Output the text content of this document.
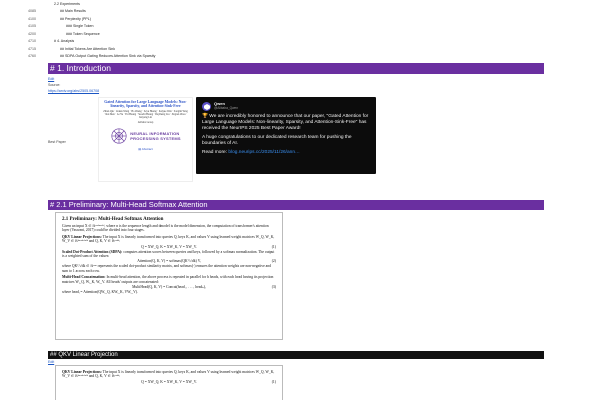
2.2 Experiments
4085	## Main Results
4100	## Perplexity (PPL)
4105	### Single Token
4200	### Token Sequence
4710	# 4. Analysis
4715	## Initial Tokens Are Attention Sink
4760	## SDPA Output Gating Reduces Attention Sink via Sparsity
# 1. Introduction
Edit
Source:
https://arxiv.org/abs/2505.06708
Best Paper
Gated Attention for Large Language Models: Non-linearity, Sparsity, and Attention-Sink-Free
Zihan Qiu · Zekun Wang · Bo Zheng · Zeyu Huang · Kaiyue Wen · Songlin Yang · Rui Men · Le Yu · Fei Huang · Suozhi Huang · Dayiheng Liu · Jingren Zhou · Junyang Lin
Alibaba Group
NEURAL INFORMATION
PROCESSING SYSTEMS
▤ Abstract
Qwen
@Alibaba_Qwen
🏆 We are incredibly honored to announce that our paper, "Gated Attention for Large Language Models: Non-linearity, Sparsity, and Attention-Sink-Free" has received the NeurIPS 2025 Best Paper Award!
A huge congratulations to our dedicated research team for pushing the boundaries of AI.
Read more: blog.neurips.cc/2025/11/26/ann…
# 2.1 Preliminary: Multi-Head Softmax Attention
2.1 Preliminary: Multi-Head Softmax Attention
Given an input X ∈ ℝⁿˣᵈᵐᵒᵈᵉˡ, where n is the sequence length and dmodel is the model dimension, the computation of transformer's attention layer (Vaswani, 2017) could be divided into four stages.
QKV Linear Projections: The input X is linearly transformed into queries Q, keys K, and values V using learned weight matrices W_Q, W_K, W_V ∈ ℝᵈᵐᵒᵈᵉˡˣᵈᵏ and Q, K, V ∈ ℝⁿˣᵈᵏ:
Q = XW_Q, K = XW_K, V = XW_V.	(1)
Scaled Dot-Product Attention (SDPA): computes attention scores between queries and keys, followed by a softmax normalization. The output is a weighted sum of the values:
Attention(Q, K, V) = softmax(QKᵀ/√dk) V,	(2)
where QKᵀ/√dk ∈ ℝⁿˣⁿ represents the scaled dot-product similarity matrix, and softmax(·) ensures the attention weights are non-negative and sum to 1 across each row.
Multi-Head Concatenation: In multi-head attention, the above process is repeated in parallel for h heads, with each head having its projection matrices Wᵢ_Q, Wᵢ_K, Wᵢ_V. All heads' outputs are concatenated:
MultiHead(Q, K, V) = Concat(head₁, . . . , headₕ),	(3)
where headᵢ = Attention(QWᵢ_Q, KWᵢ_K, VWᵢ_V).
## QKV Linear Projection
Edit
QKV Linear Projections: The input X is linearly transformed into queries Q, keys K, and values V using learned weight matrices W_Q, W_K, W_V ∈ ℝᵈᵐᵒᵈᵉˡˣᵈᵏ and Q, K, V ∈ ℝⁿˣᵈᵏ:
Q = XW_Q, K = XW_K, V = XW_V.	(1)
